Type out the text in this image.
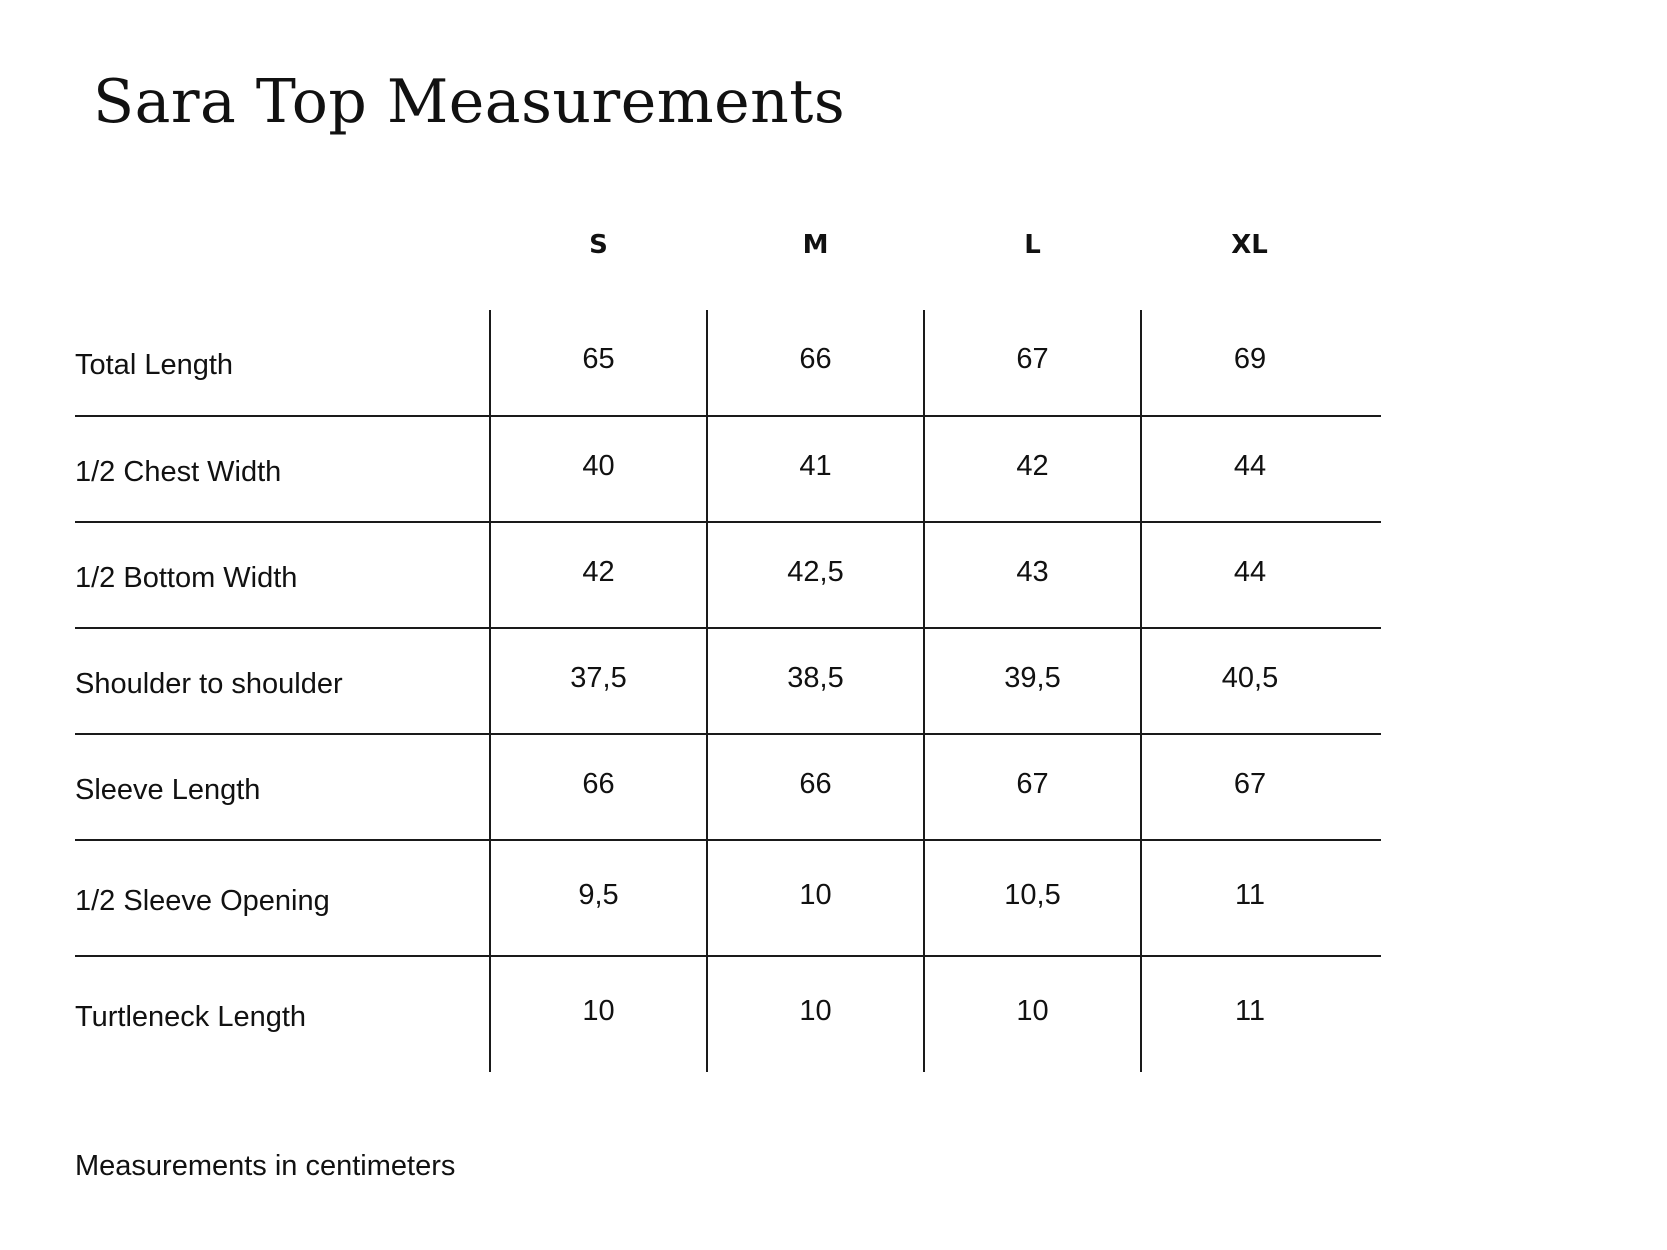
Sara Top Measurements
	S	M	L	XL
Total Length	65	66	67	69
1/2 Chest Width	40	41	42	44
1/2 Bottom Width	42	42,5	43	44
Shoulder to shoulder	37,5	38,5	39,5	40,5
Sleeve Length	66	66	67	67
1/2 Sleeve Opening	9,5	10	10,5	11
Turtleneck Length	10	10	10	11

Measurements in centimeters
